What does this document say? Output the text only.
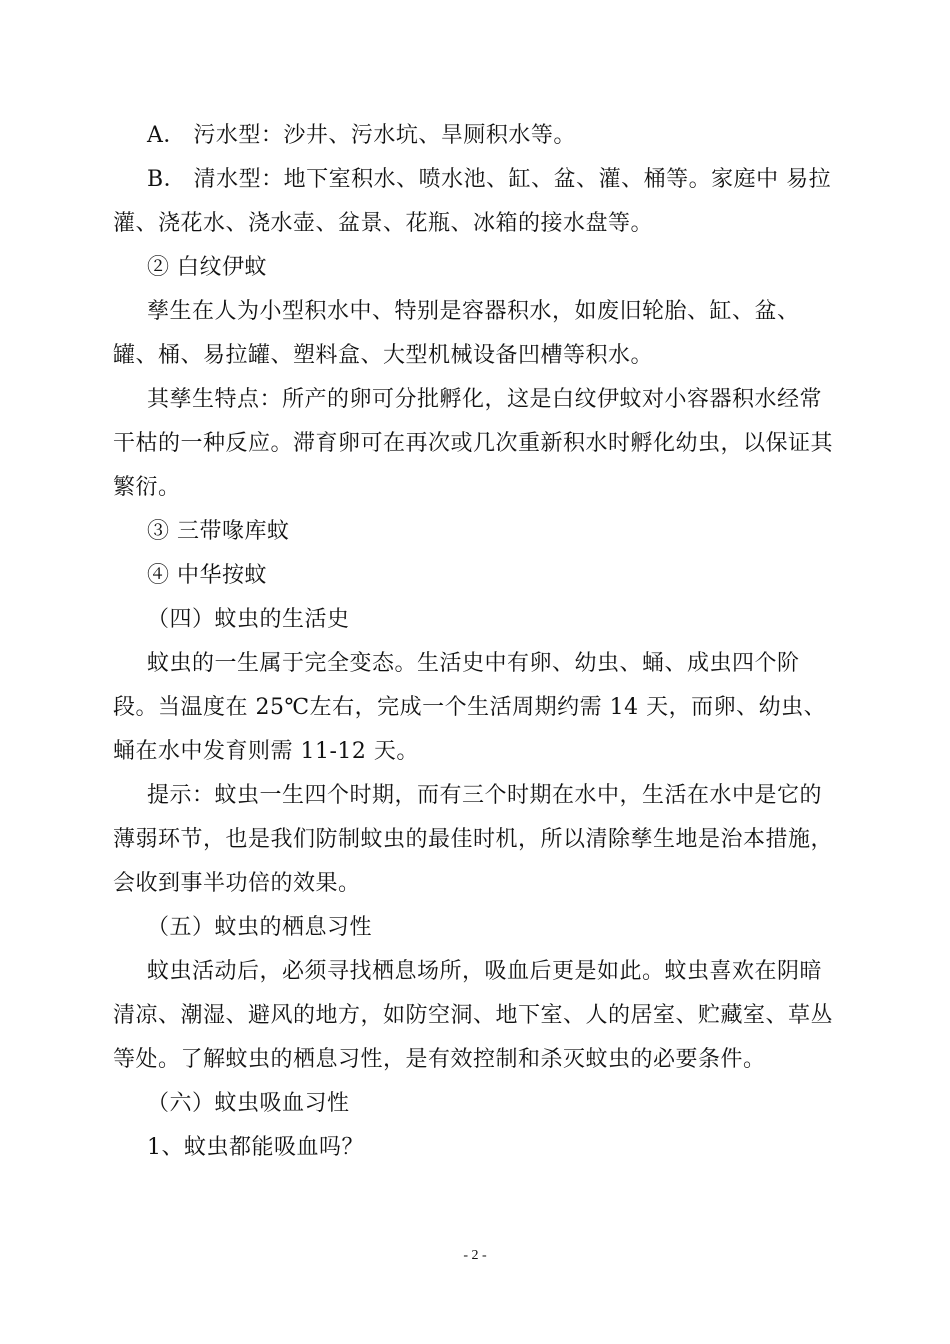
A． 污水型：沙井、污水坑、旱厕积水等。

B． 清水型：地下室积水、喷水池、缸、盆、灌、桶等。家庭中 易拉灌、浇花水、浇水壶、盆景、花瓶、冰箱的接水盘等。

② 白纹伊蚊

孳生在人为小型积水中、特别是容器积水，如废旧轮胎、缸、盆、罐、桶、易拉罐、塑料盒、大型机械设备凹槽等积水。

其孳生特点：所产的卵可分批孵化，这是白纹伊蚊对小容器积水经常干枯的一种反应。滞育卵可在再次或几次重新积水时孵化幼虫，以保证其繁衍。

③ 三带喙库蚊

④ 中华按蚊

（四）蚊虫的生活史

蚊虫的一生属于完全变态。生活史中有卵、幼虫、蛹、成虫四个阶段。当温度在 25℃左右，完成一个生活周期约需 14 天，而卵、幼虫、蛹在水中发育则需 11-12 天。

提示：蚊虫一生四个时期，而有三个时期在水中，生活在水中是它的薄弱环节，也是我们防制蚊虫的最佳时机，所以清除孳生地是治本措施，会收到事半功倍的效果。

（五）蚊虫的栖息习性

蚊虫活动后，必须寻找栖息场所，吸血后更是如此。蚊虫喜欢在阴暗清凉、潮湿、避风的地方，如防空洞、地下室、人的居室、贮藏室、草丛等处。了解蚊虫的栖息习性，是有效控制和杀灭蚊虫的必要条件。

（六）蚊虫吸血习性

1、蚊虫都能吸血吗？

- 2 -
